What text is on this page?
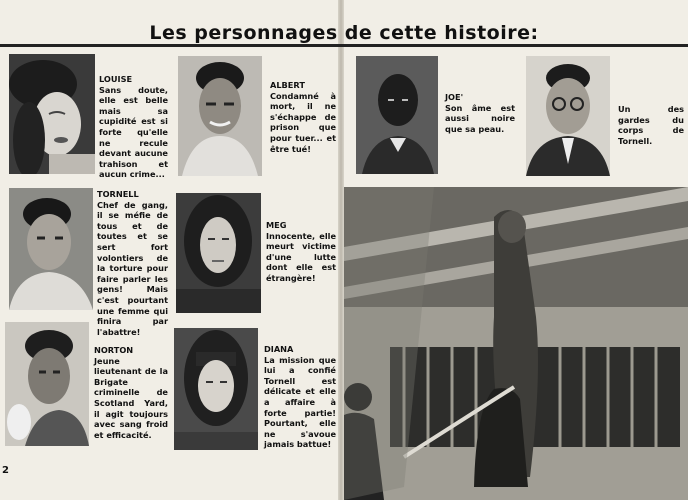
Les personnages de cette histoire:
LOUISE
Sans doute, elle est belle mais sa cupidité est si forte qu'elle ne recule devant aucune trahison et aucun crime...
ALBERT
Condamné à mort, il ne s'échappe de prison que pour tuer... et être tué!
JOE'
Son âme est aussi noire que sa peau.
Un des gardes du corps de Tornell.
TORNELL
Chef de gang, il se méfie de tous et de toutes et se sert fort volontiers de la torture pour faire parler les gens! Mais c'est pourtant une femme qui finira par l'abattre!
MEG
Innocente, elle meurt victime d'une lutte dont elle est étrangère!
NORTON
Jeune lieutenant de la Brigate criminelle de Scotland Yard, il agit toujours avec sang froid et efficacité.
DIANA
La mission que lui a confié Tornell est délicate et elle a affaire à forte partie! Pourtant, elle ne s'avoue jamais battue!
2
